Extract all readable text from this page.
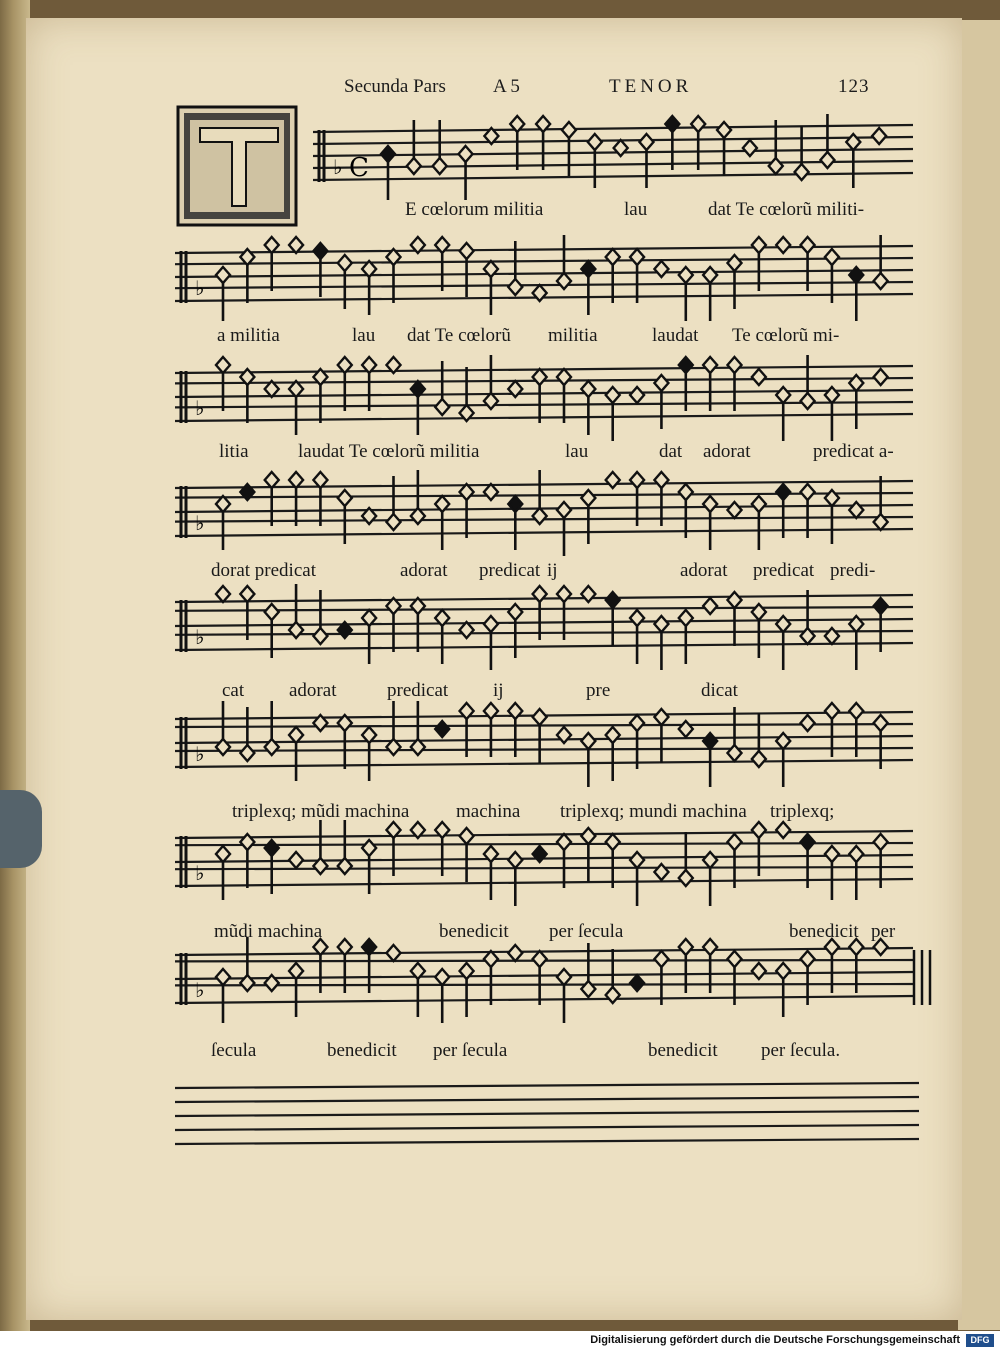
Secunda Pars A 5	TENOR	123
♭ C
♭
♭
♭
♭
♭
♭
♭
T	E cœlorum militia	lau	dat Te cœlorũ militi-
a militia	lau dat Te cœlorũ militia	laudat Te cœlorũ mi-
litia	laudat Te cœlorũ militia	lau	dat adorat	predicat a-
dorat predicat	adorat predicat ij	adorat predicat predi-
cat adorat	predicat ij	pre	dicat
triplexq; mũdi machina machina triplexq; mundi machina triplexq;
mũdi machina	benedicit per ſecula	benedicit per
ſecula	benedicit per ſecula	benedicit per ſecula.
Digitalisierung gefördert durch die Deutsche Forschungsgemeinschaft	DFG
